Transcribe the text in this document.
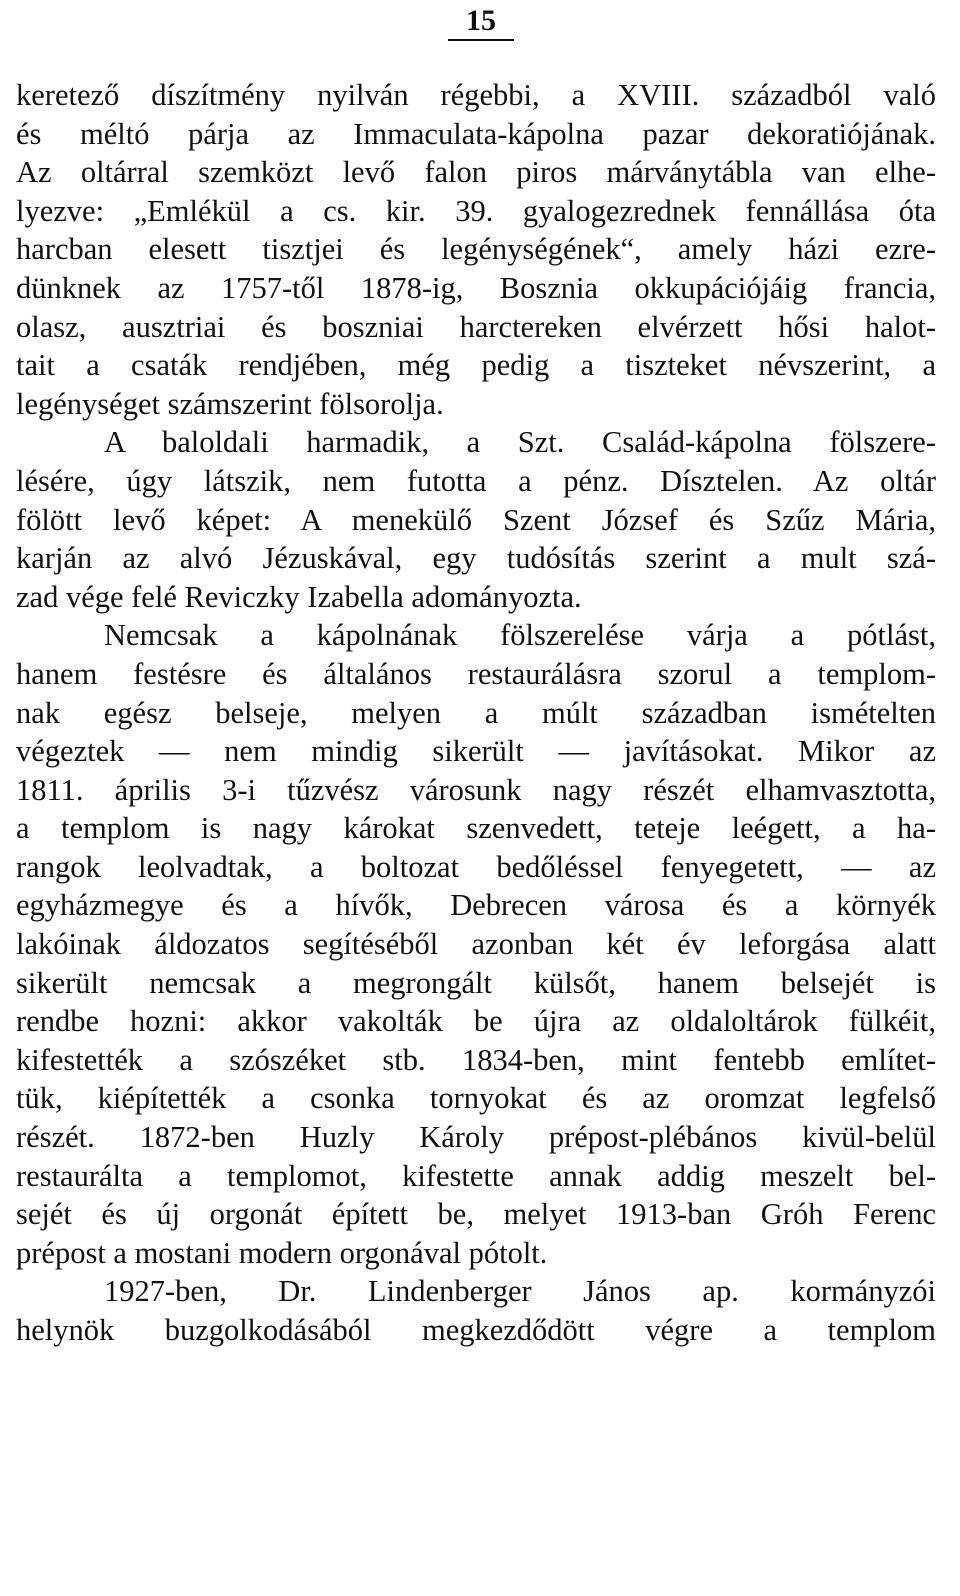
15
keretező díszítmény nyilván régebbi, a XVIII. századból való
és méltó párja az Immaculata-kápolna pazar dekoratiójának.
Az oltárral szemközt levő falon piros márványtábla van elhe-
lyezve: „Emlékül a cs. kir. 39. gyalogezrednek fennállása óta
harcban elesett tisztjei és legénységének“, amely házi ezre-
dünknek az 1757-től 1878-ig, Bosznia okkupációjáig francia,
olasz, ausztriai és boszniai harctereken elvérzett hősi halot-
tait a csaták rendjében, még pedig a tiszteket névszerint, a
legénységet számszerint fölsorolja.
A baloldali harmadik, a Szt. Család-kápolna fölszere-
lésére, úgy látszik, nem futotta a pénz. Dísztelen. Az oltár
fölött levő képet: A menekülő Szent József és Szűz Mária,
karján az alvó Jézuskával, egy tudósítás szerint a mult szá-
zad vége felé Reviczky Izabella adományozta.
Nemcsak a kápolnának fölszerelése várja a pótlást,
hanem festésre és általános restaurálásra szorul a templom-
nak egész belseje, melyen a múlt században ismételten
végeztek — nem mindig sikerült — javításokat. Mikor az
1811. április 3-i tűzvész városunk nagy részét elhamvasztotta,
a templom is nagy károkat szenvedett, teteje leégett, a ha-
rangok leolvadtak, a boltozat bedőléssel fenyegetett, — az
egyházmegye és a hívők, Debrecen városa és a környék
lakóinak áldozatos segítéséből azonban két év leforgása alatt
sikerült nemcsak a megrongált külsőt, hanem belsejét is
rendbe hozni: akkor vakolták be újra az oldaloltárok fülkéit,
kifestették a szószéket stb. 1834-ben, mint fentebb említet-
tük, kiépítették a csonka tornyokat és az oromzat legfelső
részét. 1872-ben Huzly Károly prépost-plébános kivül-belül
restaurálta a templomot, kifestette annak addig meszelt bel-
sejét és új orgonát épített be, melyet 1913-ban Gróh Ferenc
prépost a mostani modern orgonával pótolt.
1927-ben, Dr. Lindenberger János ap. kormányzói
helynök buzgolkodásából megkezdődött végre a templom
